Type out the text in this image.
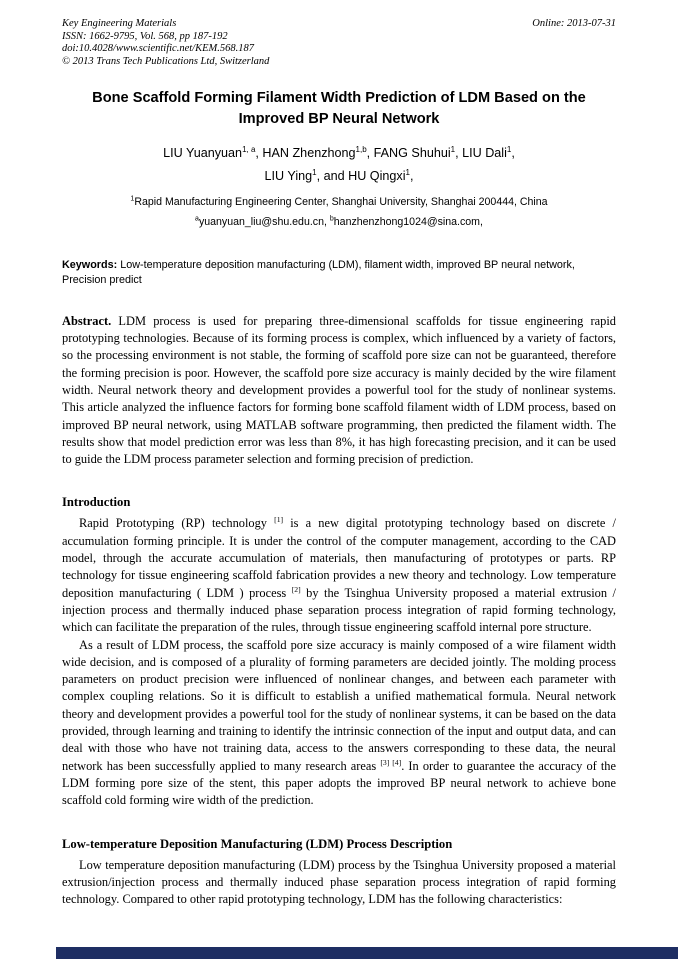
Key Engineering Materials
ISSN: 1662-9795, Vol. 568, pp 187-192
doi:10.4028/www.scientific.net/KEM.568.187
© 2013 Trans Tech Publications Ltd, Switzerland
Online: 2013-07-31
Bone Scaffold Forming Filament Width Prediction of LDM Based on the Improved BP Neural Network

LIU Yuanyuan$^{1, a}$, HAN Zhenzhong$^{1,b}$, FANG Shuhui$^1$, LIU Dali$^1$,

LIU Ying$^1$, and HU Qingxi$^1$,

$^1$Rapid Manufacturing Engineering Center, Shanghai University, Shanghai 200444, China

$^a$yuanyuan_liu@shu.edu.cn, $^b$hanzhenzhong1024@sina.com,

Keywords: Low-temperature deposition manufacturing (LDM), filament width, improved BP neural network, Precision predict

Abstract. LDM process is used for preparing three-dimensional scaffolds for tissue engineering rapid prototyping technologies. Because of its forming process is complex, which influenced by a variety of factors, so the processing environment is not stable, the forming of scaffold pore size can not be guaranteed, therefore the forming precision is poor. However, the scaffold pore size accuracy is mainly decided by the wire filament width. Neural network theory and development provides a powerful tool for the study of nonlinear systems. This article analyzed the influence factors for forming bone scaffold filament width of LDM process, based on improved BP neural network, using MATLAB software programming, then predicted the filament width. The results show that model prediction error was less than 8%, it has high forecasting precision, and it can be used to guide the LDM process parameter selection and forming precision of prediction.

Introduction

Rapid Prototyping (RP) technology [1] is a new digital prototyping technology based on discrete / accumulation forming principle. It is under the control of the computer management, according to the CAD model, through the accurate accumulation of materials, then manufacturing of prototypes or parts. RP technology for tissue engineering scaffold fabrication provides a new theory and technology. Low temperature deposition manufacturing ( LDM ) process [2] by the Tsinghua University proposed a material extrusion / injection process and thermally induced phase separation process integration of rapid forming technology, which can facilitate the preparation of the rules, through tissue engineering scaffold internal pore structure.

As a result of LDM process, the scaffold pore size accuracy is mainly composed of a wire filament width wide decision, and is composed of a plurality of forming parameters are decided jointly. The molding process parameters on product precision were influenced of nonlinear changes, and between each parameter with complex coupling relations. So it is difficult to establish a unified mathematical formula. Neural network theory and development provides a powerful tool for the study of nonlinear systems, it can be based on the data provided, through learning and training to identify the intrinsic connection of the input and output data, and can deal with those who have not training data, access to the answers corresponding to these data, the neural network has been successfully applied to many research areas [3] [4]. In order to guarantee the accuracy of the LDM forming pore size of the stent, this paper adopts the improved BP neural network to achieve bone scaffold cold forming wire width of the prediction.

Low-temperature Deposition Manufacturing (LDM) Process Description

Low temperature deposition manufacturing (LDM) process by the Tsinghua University proposed a material extrusion/injection process and thermally induced phase separation process integration of rapid forming technology. Compared to other rapid prototyping technology, LDM has the following characteristics:
